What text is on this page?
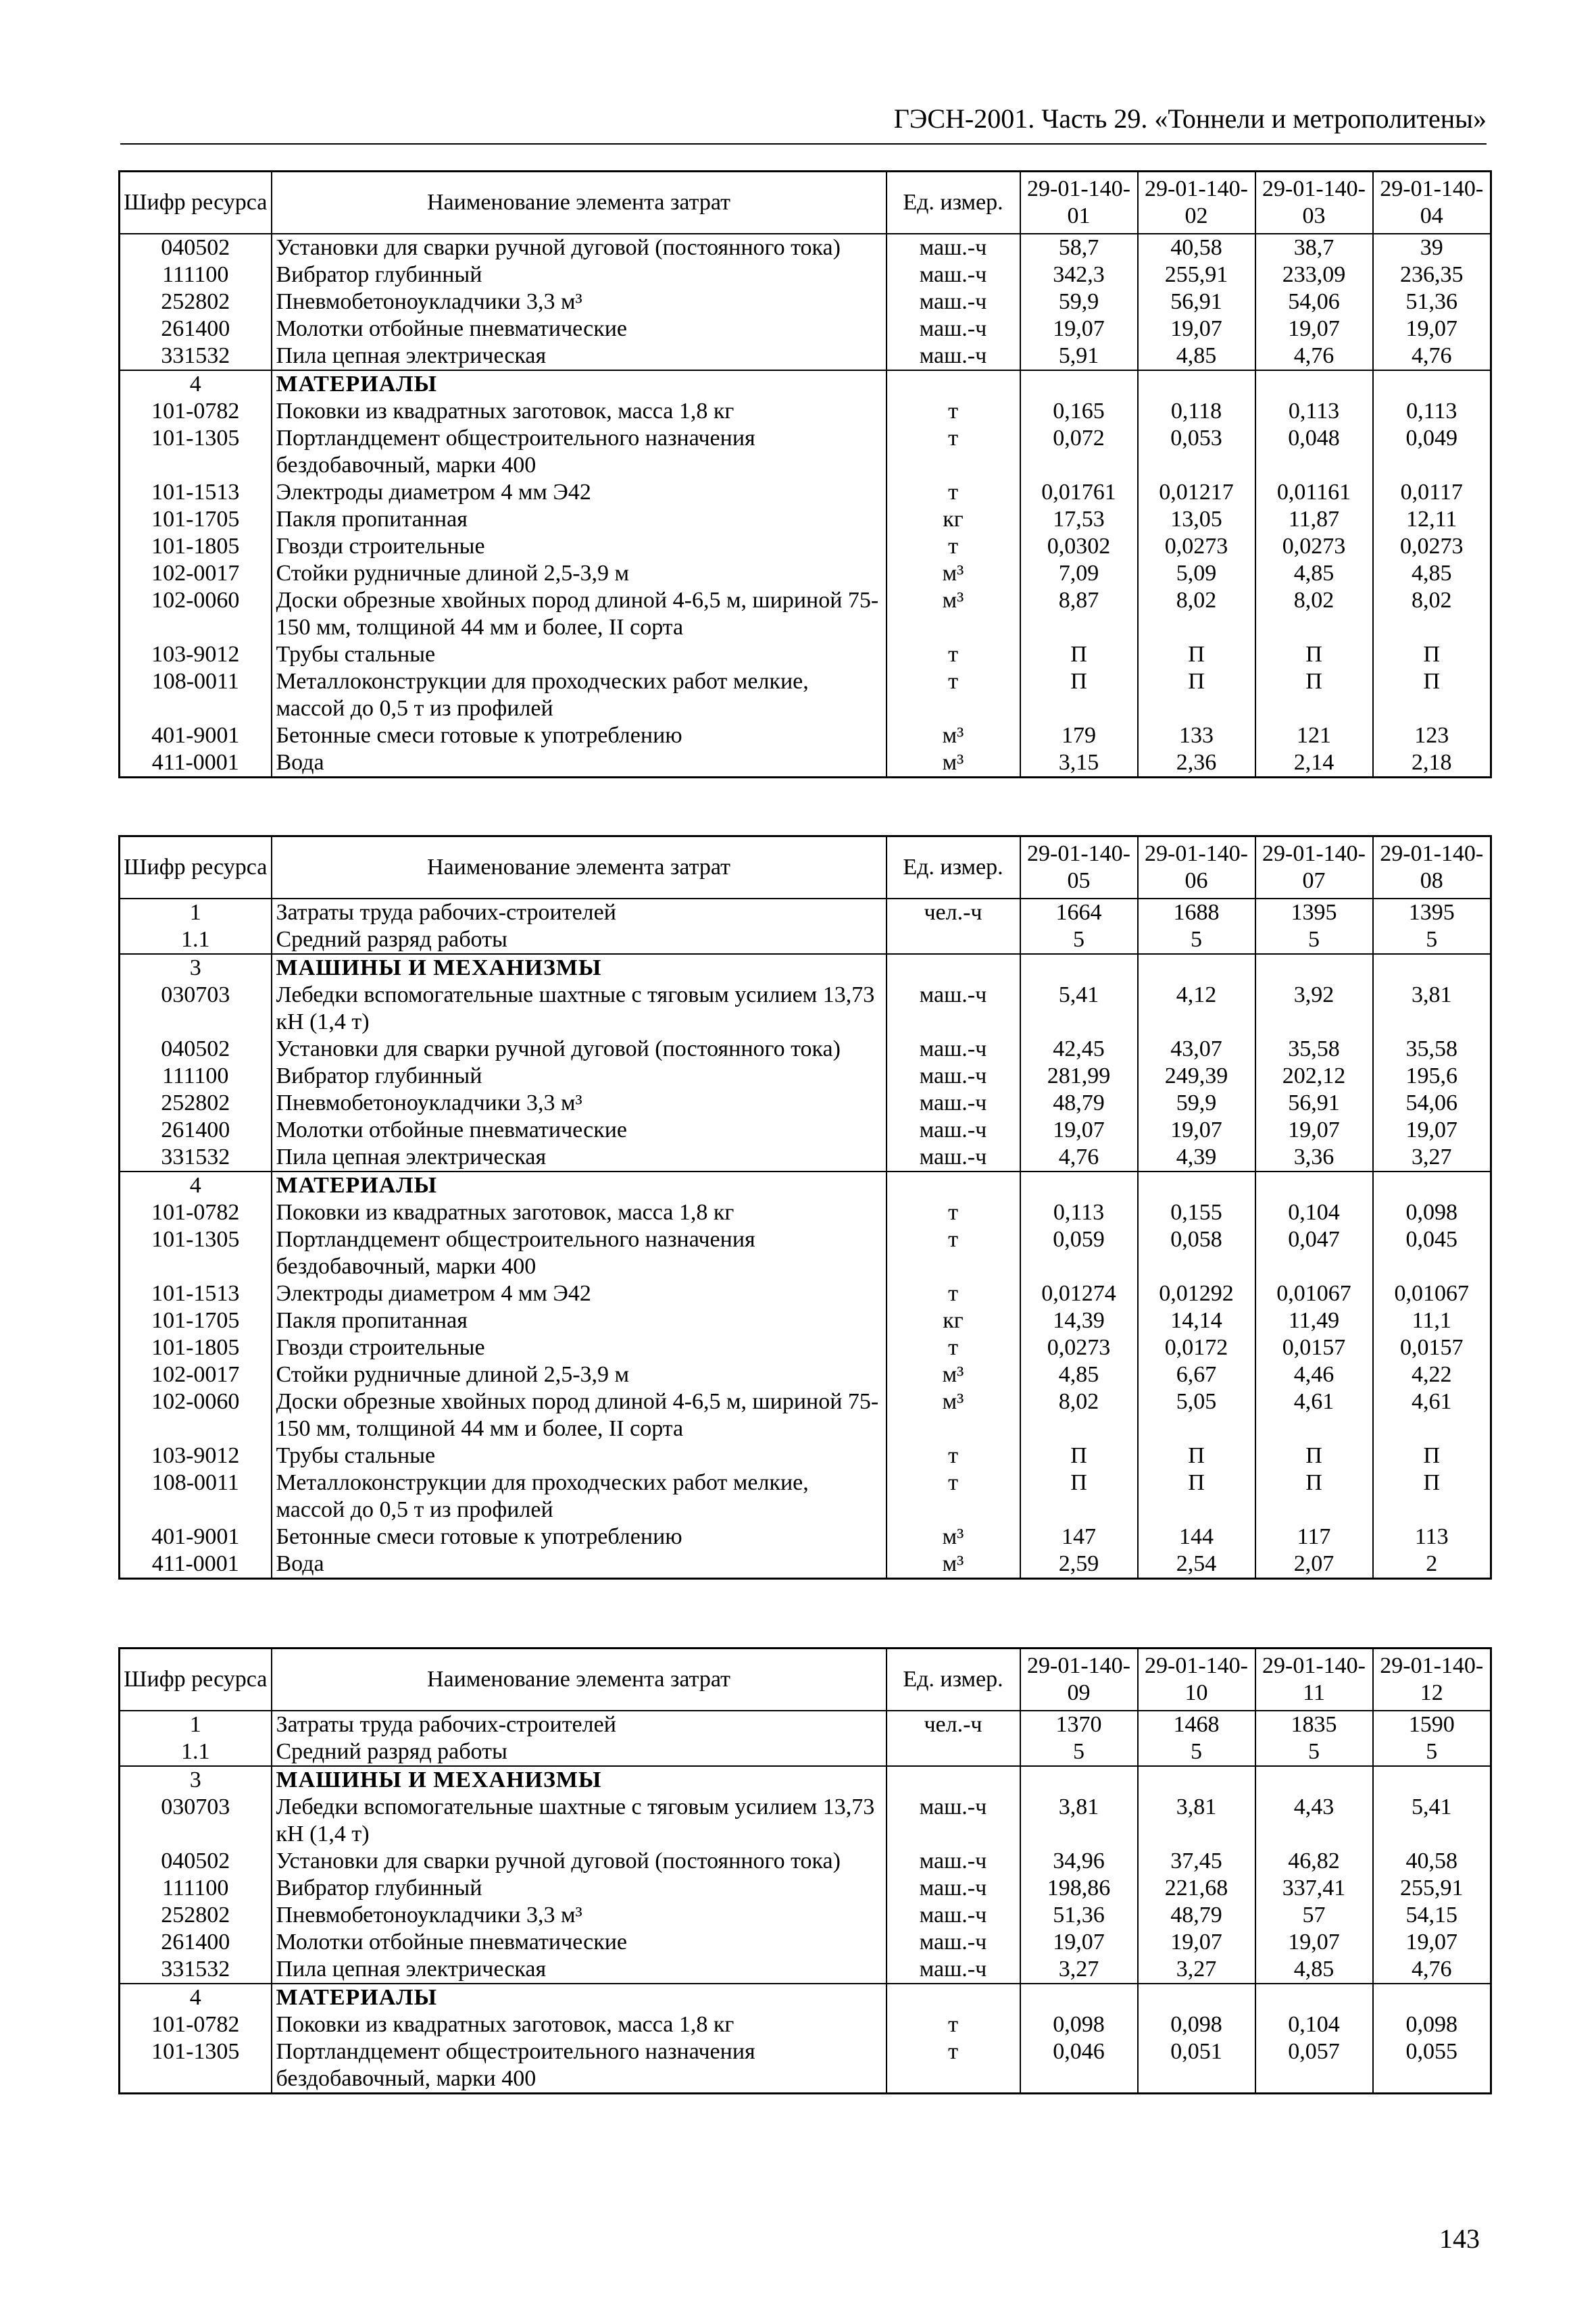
ГЭСН-2001. Часть 29. «Тоннели и метрополитены»
Шифр ресурса	Наименование элемента затрат	Ед. измер.	29-01-140-01	29-01-140-02	29-01-140-03	29-01-140-04
040502	Установки для сварки ручной дуговой (постоянного тока)	маш.-ч	58,7	40,58	38,7	39
111100	Вибратор глубинный	маш.-ч	342,3	255,91	233,09	236,35
252802	Пневмобетоноукладчики 3,3 м³	маш.-ч	59,9	56,91	54,06	51,36
261400	Молотки отбойные пневматические	маш.-ч	19,07	19,07	19,07	19,07
331532	Пила цепная электрическая	маш.-ч	5,91	4,85	4,76	4,76
4	МАТЕРИАЛЫ					
101-0782	Поковки из квадратных заготовок, масса 1,8 кг	т	0,165	0,118	0,113	0,113
101-1305	Портландцемент общестроительного назначения бездобавочный, марки 400	т	0,072	0,053	0,048	0,049
101-1513	Электроды диаметром 4 мм Э42	т	0,01761	0,01217	0,01161	0,0117
101-1705	Пакля пропитанная	кг	17,53	13,05	11,87	12,11
101-1805	Гвозди строительные	т	0,0302	0,0273	0,0273	0,0273
102-0017	Стойки рудничные длиной 2,5-3,9 м	м³	7,09	5,09	4,85	4,85
102-0060	Доски обрезные хвойных пород длиной 4-6,5 м, шириной 75-150 мм, толщиной 44 мм и более, II сорта	м³	8,87	8,02	8,02	8,02
103-9012	Трубы стальные	т	П	П	П	П
108-0011	Металлоконструкции для проходческих работ мелкие, массой до 0,5 т из профилей	т	П	П	П	П
401-9001	Бетонные смеси готовые к употреблению	м³	179	133	121	123
411-0001	Вода	м³	3,15	2,36	2,14	2,18
Шифр ресурса	Наименование элемента затрат	Ед. измер.	29-01-140-05	29-01-140-06	29-01-140-07	29-01-140-08
1	Затраты труда рабочих-строителей	чел.-ч	1664	1688	1395	1395
1.1	Средний разряд работы		5	5	5	5
3	МАШИНЫ И МЕХАНИЗМЫ					
030703	Лебедки вспомогательные шахтные с тяговым усилием 13,73 кН (1,4 т)	маш.-ч	5,41	4,12	3,92	3,81
040502	Установки для сварки ручной дуговой (постоянного тока)	маш.-ч	42,45	43,07	35,58	35,58
111100	Вибратор глубинный	маш.-ч	281,99	249,39	202,12	195,6
252802	Пневмобетоноукладчики 3,3 м³	маш.-ч	48,79	59,9	56,91	54,06
261400	Молотки отбойные пневматические	маш.-ч	19,07	19,07	19,07	19,07
331532	Пила цепная электрическая	маш.-ч	4,76	4,39	3,36	3,27
4	МАТЕРИАЛЫ					
101-0782	Поковки из квадратных заготовок, масса 1,8 кг	т	0,113	0,155	0,104	0,098
101-1305	Портландцемент общестроительного назначения бездобавочный, марки 400	т	0,059	0,058	0,047	0,045
101-1513	Электроды диаметром 4 мм Э42	т	0,01274	0,01292	0,01067	0,01067
101-1705	Пакля пропитанная	кг	14,39	14,14	11,49	11,1
101-1805	Гвозди строительные	т	0,0273	0,0172	0,0157	0,0157
102-0017	Стойки рудничные длиной 2,5-3,9 м	м³	4,85	6,67	4,46	4,22
102-0060	Доски обрезные хвойных пород длиной 4-6,5 м, шириной 75-150 мм, толщиной 44 мм и более, II сорта	м³	8,02	5,05	4,61	4,61
103-9012	Трубы стальные	т	П	П	П	П
108-0011	Металлоконструкции для проходческих работ мелкие, массой до 0,5 т из профилей	т	П	П	П	П
401-9001	Бетонные смеси готовые к употреблению	м³	147	144	117	113
411-0001	Вода	м³	2,59	2,54	2,07	2
Шифр ресурса	Наименование элемента затрат	Ед. измер.	29-01-140-09	29-01-140-10	29-01-140-11	29-01-140-12
1	Затраты труда рабочих-строителей	чел.-ч	1370	1468	1835	1590
1.1	Средний разряд работы		5	5	5	5
3	МАШИНЫ И МЕХАНИЗМЫ					
030703	Лебедки вспомогательные шахтные с тяговым усилием 13,73 кН (1,4 т)	маш.-ч	3,81	3,81	4,43	5,41
040502	Установки для сварки ручной дуговой (постоянного тока)	маш.-ч	34,96	37,45	46,82	40,58
111100	Вибратор глубинный	маш.-ч	198,86	221,68	337,41	255,91
252802	Пневмобетоноукладчики 3,3 м³	маш.-ч	51,36	48,79	57	54,15
261400	Молотки отбойные пневматические	маш.-ч	19,07	19,07	19,07	19,07
331532	Пила цепная электрическая	маш.-ч	3,27	3,27	4,85	4,76
4	МАТЕРИАЛЫ					
101-0782	Поковки из квадратных заготовок, масса 1,8 кг	т	0,098	0,098	0,104	0,098
101-1305	Портландцемент общестроительного назначения бездобавочный, марки 400	т	0,046	0,051	0,057	0,055
143
